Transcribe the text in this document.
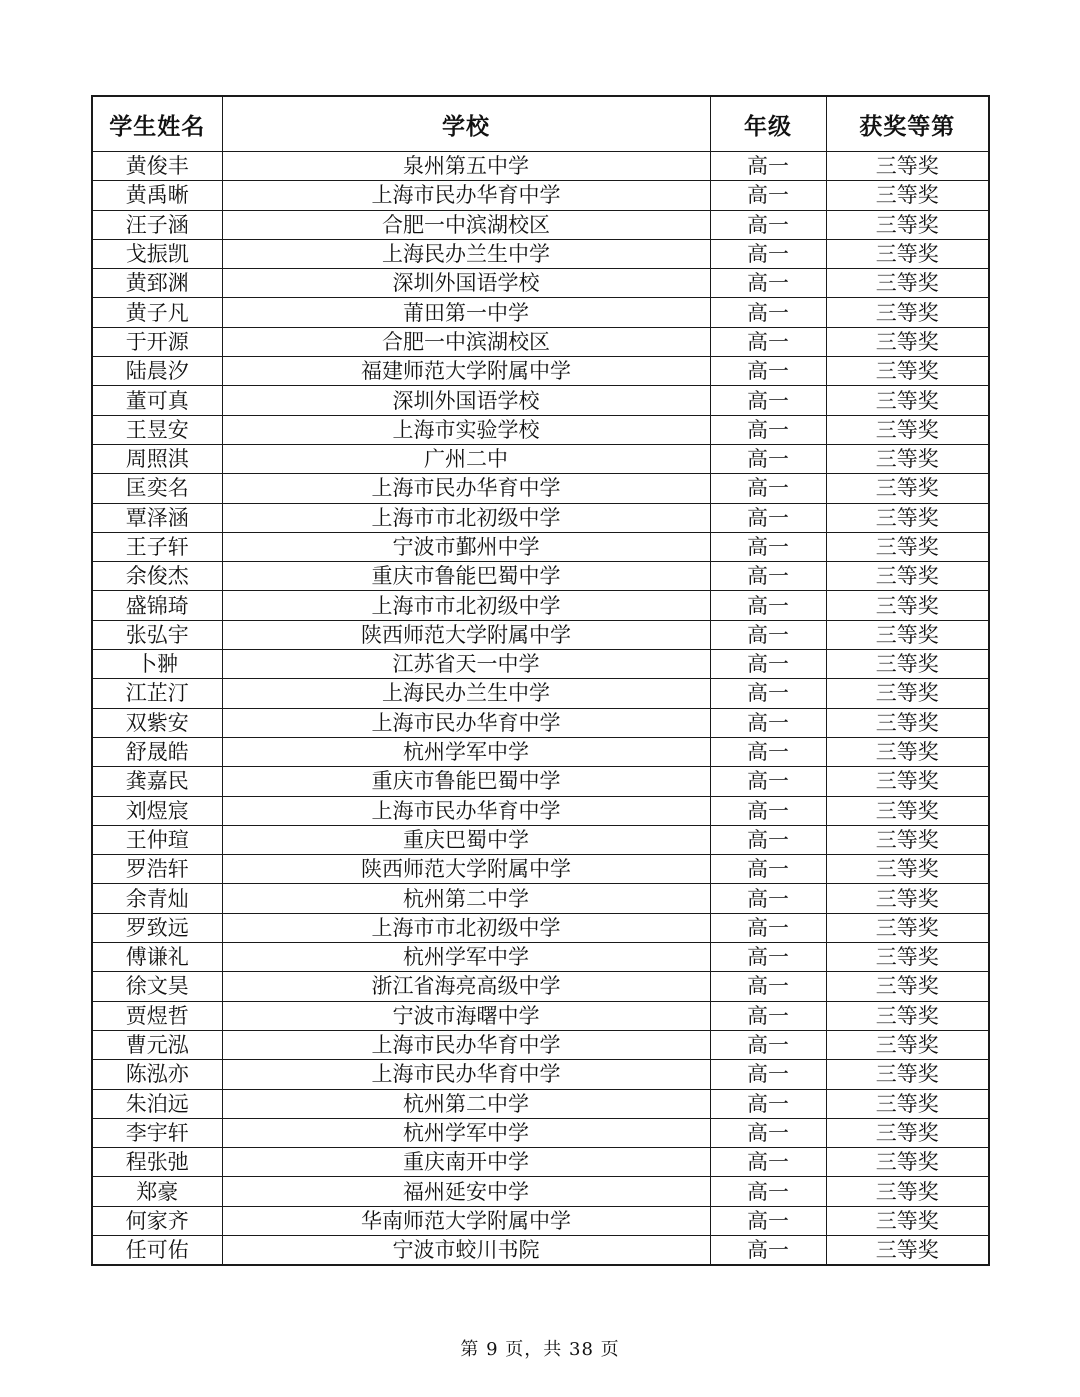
学生姓名	学校	年级	获奖等第
黄俊丰	泉州第五中学	高一	三等奖
黄禹晰	上海市民办华育中学	高一	三等奖
汪子涵	合肥一中滨湖校区	高一	三等奖
戈振凯	上海民办兰生中学	高一	三等奖
黄郅渊	深圳外国语学校	高一	三等奖
黄子凡	莆田第一中学	高一	三等奖
于开源	合肥一中滨湖校区	高一	三等奖
陆晨汐	福建师范大学附属中学	高一	三等奖
董可真	深圳外国语学校	高一	三等奖
王昱安	上海市实验学校	高一	三等奖
周照淇	广州二中	高一	三等奖
匡奕名	上海市民办华育中学	高一	三等奖
覃泽涵	上海市市北初级中学	高一	三等奖
王子轩	宁波市鄞州中学	高一	三等奖
余俊杰	重庆市鲁能巴蜀中学	高一	三等奖
盛锦琦	上海市市北初级中学	高一	三等奖
张弘宇	陕西师范大学附属中学	高一	三等奖
卜翀	江苏省天一中学	高一	三等奖
江芷汀	上海民办兰生中学	高一	三等奖
双紫安	上海市民办华育中学	高一	三等奖
舒晟皓	杭州学军中学	高一	三等奖
龚嘉民	重庆市鲁能巴蜀中学	高一	三等奖
刘煜宸	上海市民办华育中学	高一	三等奖
王仲瑄	重庆巴蜀中学	高一	三等奖
罗浩轩	陕西师范大学附属中学	高一	三等奖
余青灿	杭州第二中学	高一	三等奖
罗致远	上海市市北初级中学	高一	三等奖
傅谦礼	杭州学军中学	高一	三等奖
徐文昊	浙江省海亮高级中学	高一	三等奖
贾煜哲	宁波市海曙中学	高一	三等奖
曹元泓	上海市民办华育中学	高一	三等奖
陈泓亦	上海市民办华育中学	高一	三等奖
朱泊远	杭州第二中学	高一	三等奖
李宇轩	杭州学军中学	高一	三等奖
程张弛	重庆南开中学	高一	三等奖
郑豪	福州延安中学	高一	三等奖
何家齐	华南师范大学附属中学	高一	三等奖
任可佑	宁波市蛟川书院	高一	三等奖
第 9 页，共 38 页
